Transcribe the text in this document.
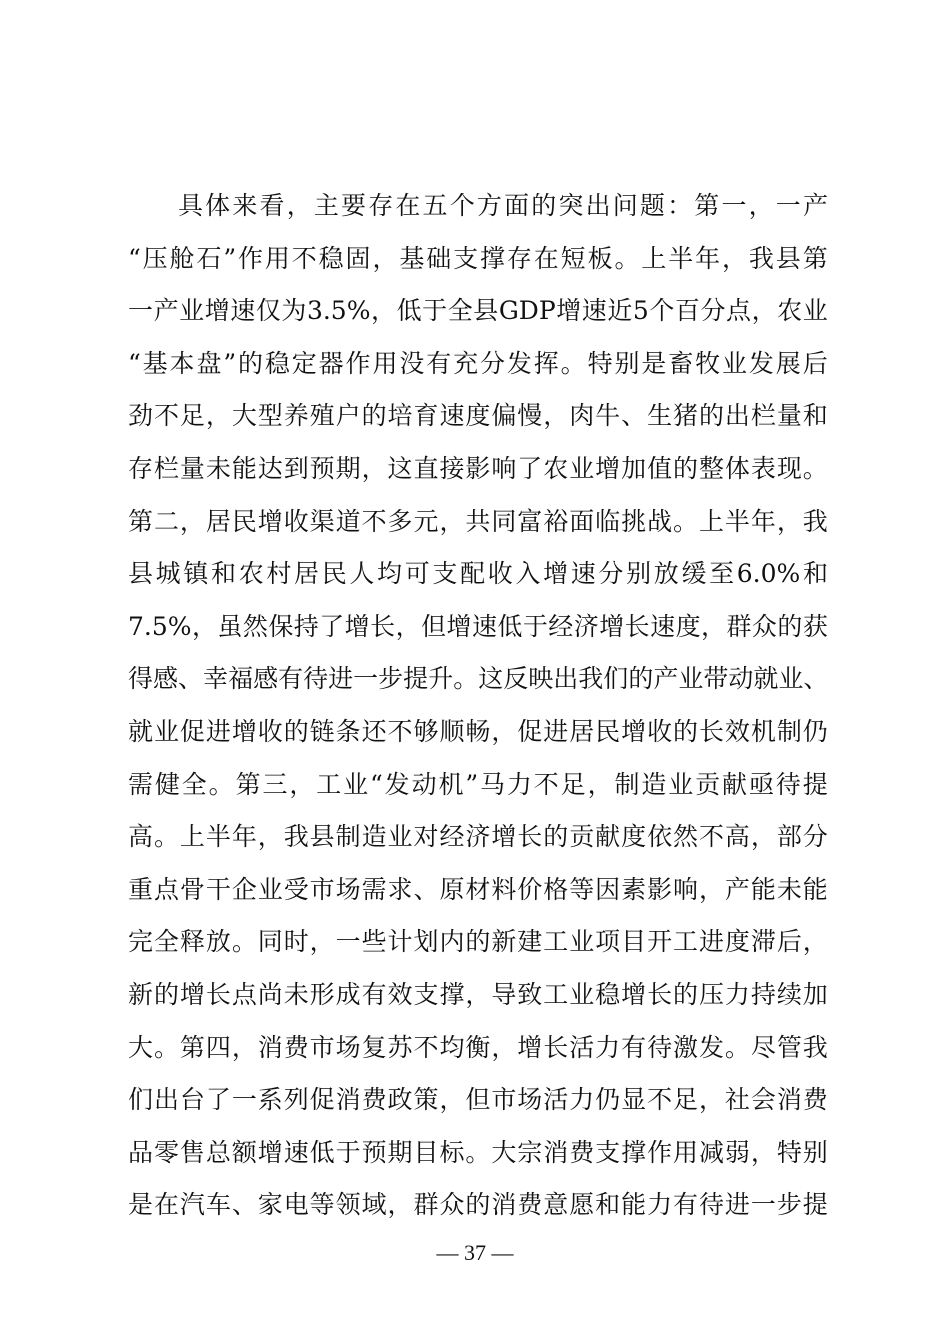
具 体 来 看 ， 主 要 存 在 五 个 方 面 的 突 出 问 题 ： 第 一 ， 一 产
“ 压 舱 石 ” 作 用 不 稳 固 ， 基 础 支 撑 存 在 短 板 。 上 半 年 ， 我 县 第
一 产 业 增 速 仅 为 3.5% ， 低 于 全 县 GDP 增 速 近 5 个 百 分 点 ， 农 业
“ 基 本 盘 ” 的 稳 定 器 作 用 没 有 充 分 发 挥 。 特 别 是 畜 牧 业 发 展 后
劲 不 足 ， 大 型 养 殖 户 的 培 育 速 度 偏 慢 ， 肉 牛 、 生 猪 的 出 栏 量 和
存 栏 量 未 能 达 到 预 期 ， 这 直 接 影 响 了 农 业 增 加 值 的 整 体 表 现 。
第 二 ， 居 民 增 收 渠 道 不 多 元 ， 共 同 富 裕 面 临 挑 战 。 上 半 年 ， 我
县 城 镇 和 农 村 居 民 人 均 可 支 配 收 入 增 速 分 别 放 缓 至 6.0% 和
7.5% ， 虽 然 保 持 了 增 长 ， 但 增 速 低 于 经 济 增 长 速 度 ， 群 众 的 获
得 感 、 幸 福 感 有 待 进 一 步 提 升 。 这 反 映 出 我 们 的 产 业 带 动 就 业 、
就 业 促 进 增 收 的 链 条 还 不 够 顺 畅 ， 促 进 居 民 增 收 的 长 效 机 制 仍
需 健 全 。 第 三 ， 工 业 “ 发 动 机 ” 马 力 不 足 ， 制 造 业 贡 献 亟 待 提
高 。 上 半 年 ， 我 县 制 造 业 对 经 济 增 长 的 贡 献 度 依 然 不 高 ， 部 分
重 点 骨 干 企 业 受 市 场 需 求 、 原 材 料 价 格 等 因 素 影 响 ， 产 能 未 能
完 全 释 放 。 同 时 ， 一 些 计 划 内 的 新 建 工 业 项 目 开 工 进 度 滞 后 ，
新 的 增 长 点 尚 未 形 成 有 效 支 撑 ， 导 致 工 业 稳 增 长 的 压 力 持 续 加
大 。 第 四 ， 消 费 市 场 复 苏 不 均 衡 ， 增 长 活 力 有 待 激 发 。 尽 管 我
们 出 台 了 一 系 列 促 消 费 政 策 ， 但 市 场 活 力 仍 显 不 足 ， 社 会 消 费
品 零 售 总 额 增 速 低 于 预 期 目 标 。 大 宗 消 费 支 撑 作 用 减 弱 ， 特 别
是 在 汽 车 、 家 电 等 领 域 ， 群 众 的 消 费 意 愿 和 能 力 有 待 进 一 步 提
— 37 —
